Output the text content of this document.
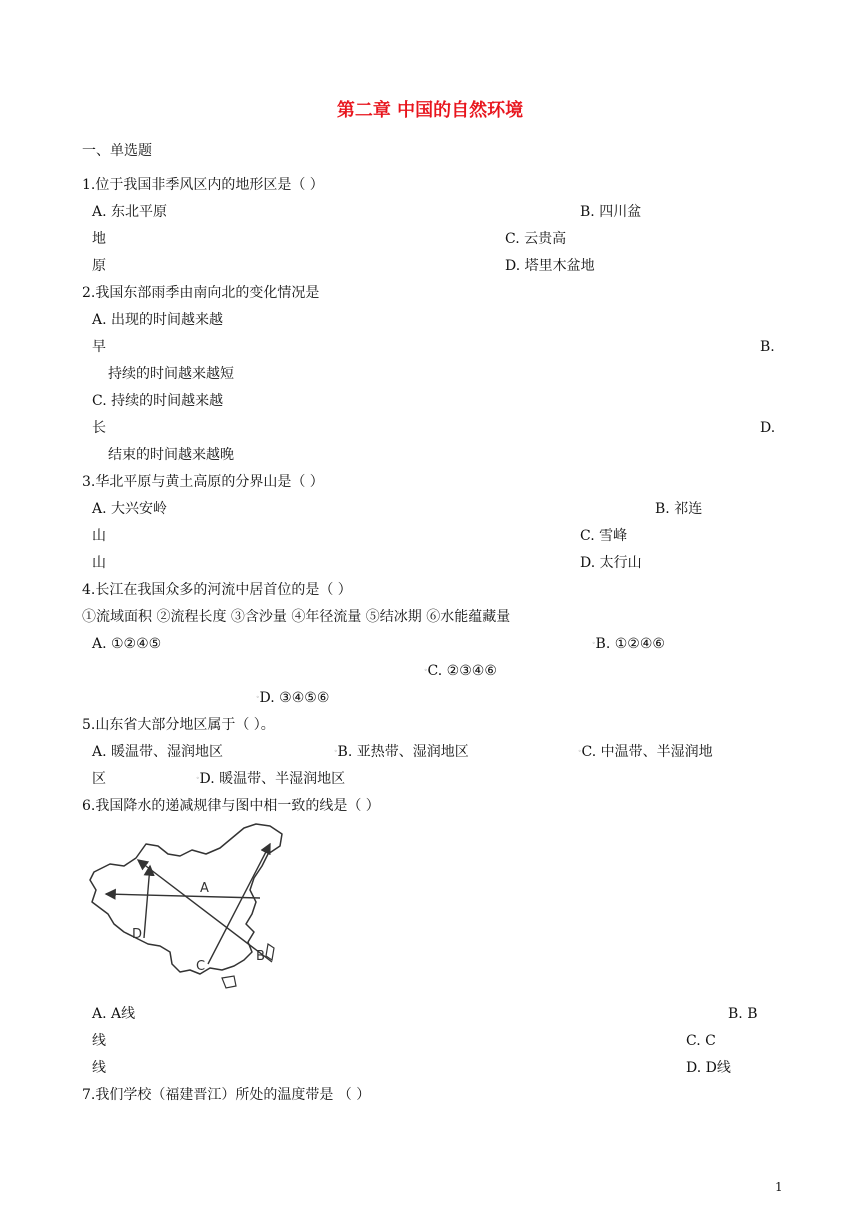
第二章 中国的自然环境
一、单选题
1.位于我国非季风区内的地形区是（ ）
A. 东北平原	B. 四川盆
地	C. 云贵高
原	D. 塔里木盆地
2.我国东部雨季由南向北的变化情况是
A. 出现的时间越来越
早	B.
持续的时间越来越短
C. 持续的时间越来越
长	D.
结束的时间越来越晚
3.华北平原与黄土高原的分界山是（ ）
A. 大兴安岭	B. 祁连
山	C. 雪峰
山	D. 太行山
4.长江在我国众多的河流中居首位的是（ ）
①流域面积 ②流程长度 ③含沙量 ④年径流量 ⑤结冰期 ⑥水能蕴藏量
A. ①②④⑤	◦B. ①②④⑥
◦C. ②③④⑥
◦D. ③④⑤⑥
5.山东省大部分地区属于（ ）。
A. 暖温带、湿润地区	◦B. 亚热带、湿润地区	◦C. 中温带、半湿润地
区	◦D. 暖温带、半湿润地区
6.我国降水的递减规律与图中相一致的线是（ ）
A
B
C
D
A. A线	B. B
线	C. C
线	D. D线
7.我们学校（福建晋江）所处的温度带是 （ ）
1
